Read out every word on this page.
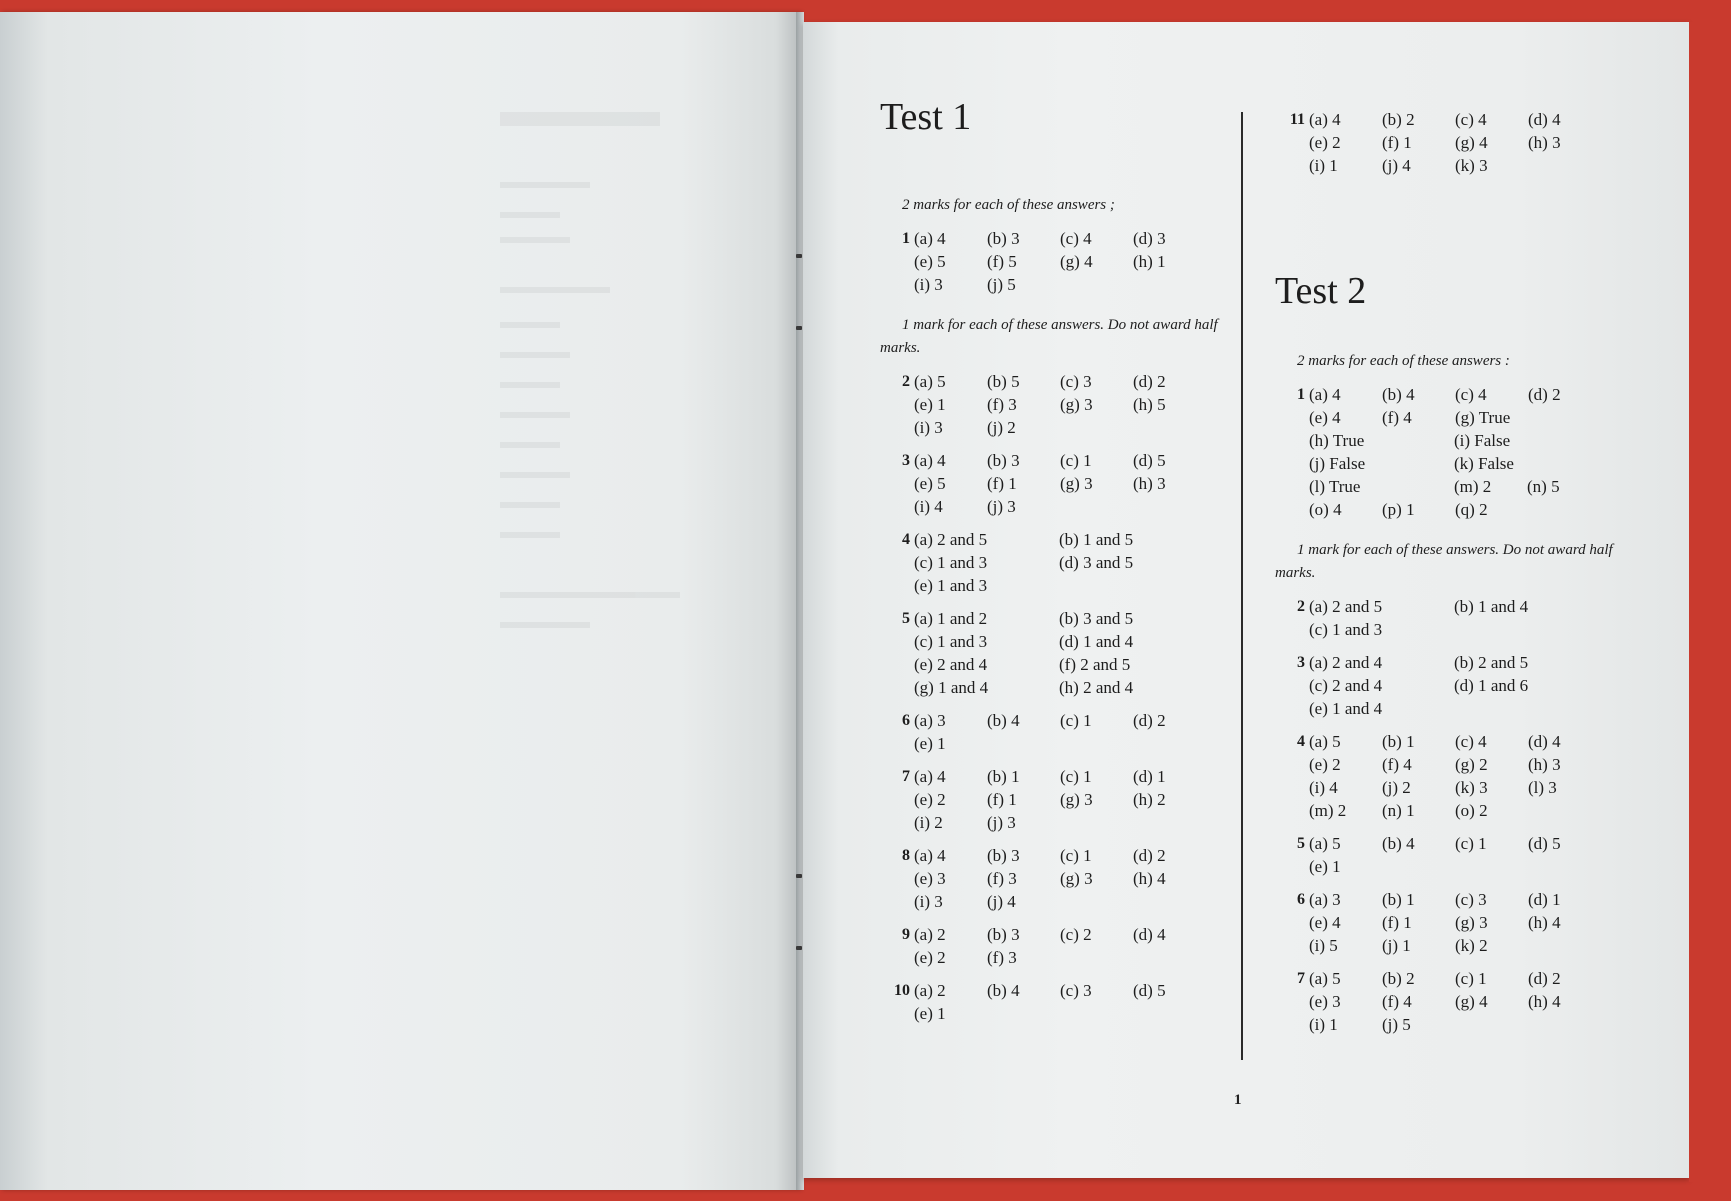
Test 1

2 marks for each of these answers ;

1 (a) 4	(b) 3	(c) 4	(d) 3
(e) 5	(f) 5	(g) 4	(h) 1
(i) 3	(j) 5

1 mark for each of these answers. Do not award half marks.

2 (a) 5	(b) 5	(c) 3	(d) 2
(e) 1	(f) 3	(g) 3	(h) 5
(i) 3	(j) 2
3 (a) 4	(b) 3	(c) 1	(d) 5
(e) 5	(f) 1	(g) 3	(h) 3
(i) 4	(j) 3
4 (a) 2 and 5	(b) 1 and 5
(c) 1 and 3	(d) 3 and 5
(e) 1 and 3
5 (a) 1 and 2	(b) 3 and 5
(c) 1 and 3	(d) 1 and 4
(e) 2 and 4	(f) 2 and 5
(g) 1 and 4	(h) 2 and 4
6 (a) 3	(b) 4	(c) 1	(d) 2
(e) 1
7 (a) 4	(b) 1	(c) 1	(d) 1
(e) 2	(f) 1	(g) 3	(h) 2
(i) 2	(j) 3
8 (a) 4	(b) 3	(c) 1	(d) 2
(e) 3	(f) 3	(g) 3	(h) 4
(i) 3	(j) 4
9 (a) 2	(b) 3	(c) 2	(d) 4
(e) 2	(f) 3
10 (a) 2	(b) 4	(c) 3	(d) 5
(e) 1
11 (a) 4	(b) 2	(c) 4	(d) 4
(e) 2	(f) 1	(g) 4	(h) 3
(i) 1	(j) 4	(k) 3
Test 2

2 marks for each of these answers :

1 (a) 4	(b) 4	(c) 4	(d) 2
(e) 4	(f) 4	(g) True
(h) True	(i) False
(j) False	(k) False
(l) True	(m) 2	(n) 5
(o) 4	(p) 1	(q) 2

1 mark for each of these answers. Do not award half marks.

2 (a) 2 and 5	(b) 1 and 4
(c) 1 and 3
3 (a) 2 and 4	(b) 2 and 5
(c) 2 and 4	(d) 1 and 6
(e) 1 and 4
4 (a) 5	(b) 1	(c) 4	(d) 4
(e) 2	(f) 4	(g) 2	(h) 3
(i) 4	(j) 2	(k) 3	(l) 3
(m) 2	(n) 1	(o) 2
5 (a) 5	(b) 4	(c) 1	(d) 5
(e) 1
6 (a) 3	(b) 1	(c) 3	(d) 1
(e) 4	(f) 1	(g) 3	(h) 4
(i) 5	(j) 1	(k) 2
7 (a) 5	(b) 2	(c) 1	(d) 2
(e) 3	(f) 4	(g) 4	(h) 4
(i) 1	(j) 5
1
